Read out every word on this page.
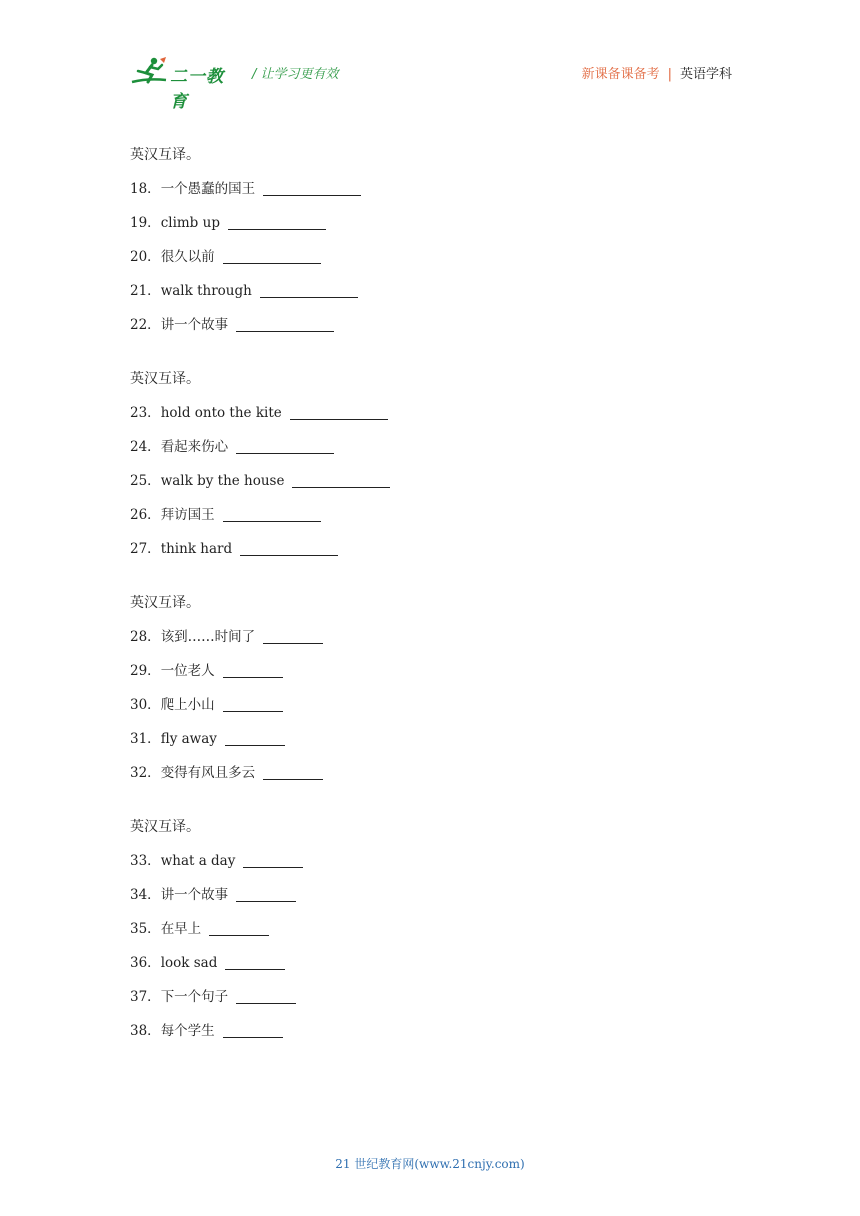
二一教育
/ 让学习更有效	新课备课备考 | 英语学科
英汉互译。
18．一个愚蠢的国王
19．climb up
20．很久以前
21．walk through
22．讲一个故事
英汉互译。
23．hold onto the kite
24．看起来伤心
25．walk by the house
26．拜访国王
27．think hard
英汉互译。
28．该到……时间了
29．一位老人
30．爬上小山
31．fly away
32．变得有风且多云
英汉互译。
33．what a day
34．讲一个故事
35．在早上
36．look sad
37．下一个句子
38．每个学生
21 世纪教育网(www.21cnjy.com)
